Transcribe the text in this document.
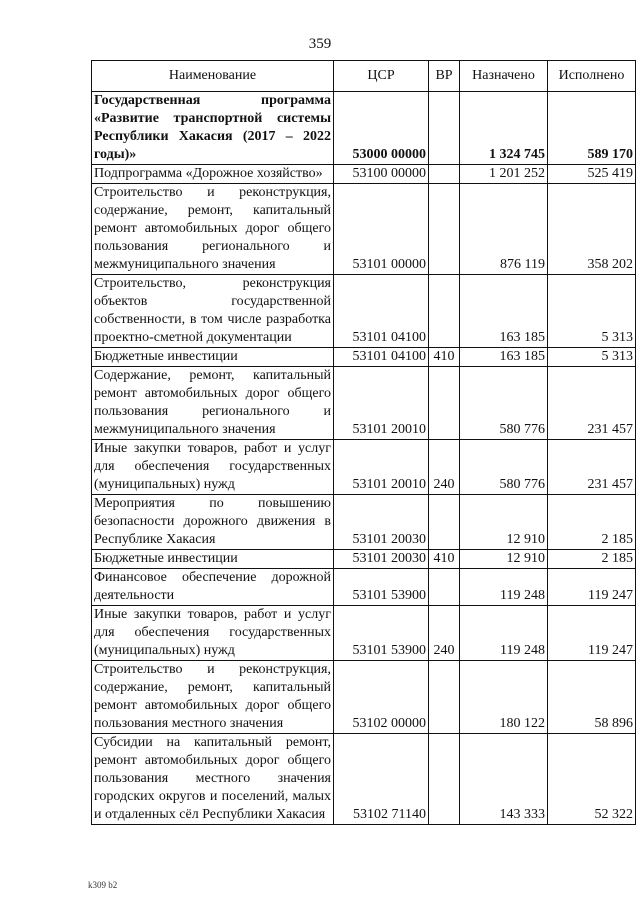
359
Наименование	ЦСР	ВР	Назначено	Исполнено
Государственная программа «Развитие транспортной системы Республики Хакасия (2017 – 2022 годы)»	53000 00000		1 324 745	589 170
Подпрограмма «Дорожное хозяйство»	53100 00000		1 201 252	525 419
Строительство и реконструкция, содержание, ремонт, капитальный ремонт автомобильных дорог общего пользования регионального и межмуниципального значения	53101 00000		876 119	358 202
Строительство, реконструкция объектов государственной собственности, в том числе разработка проектно-сметной документации	53101 04100		163 185	5 313
Бюджетные инвестиции	53101 04100	410	163 185	5 313
Содержание, ремонт, капитальный ремонт автомобильных дорог общего пользования регионального и межмуниципального значения	53101 20010		580 776	231 457
Иные закупки товаров, работ и услуг для обеспечения государственных (муниципальных) нужд	53101 20010	240	580 776	231 457
Мероприятия по повышению безопасности дорожного движения в Республике Хакасия	53101 20030		12 910	2 185
Бюджетные инвестиции	53101 20030	410	12 910	2 185
Финансовое обеспечение дорожной деятельности	53101 53900		119 248	119 247
Иные закупки товаров, работ и услуг для обеспечения государственных (муниципальных) нужд	53101 53900	240	119 248	119 247
Строительство и реконструкция, содержание, ремонт, капитальный ремонт автомобильных дорог общего пользования местного значения	53102 00000		180 122	58 896
Субсидии на капитальный ремонт, ремонт автомобильных дорог общего пользования местного значения городских округов и поселений, малых и отдаленных сёл Республики Хакасия	53102 71140		143 333	52 322
k309 b2
